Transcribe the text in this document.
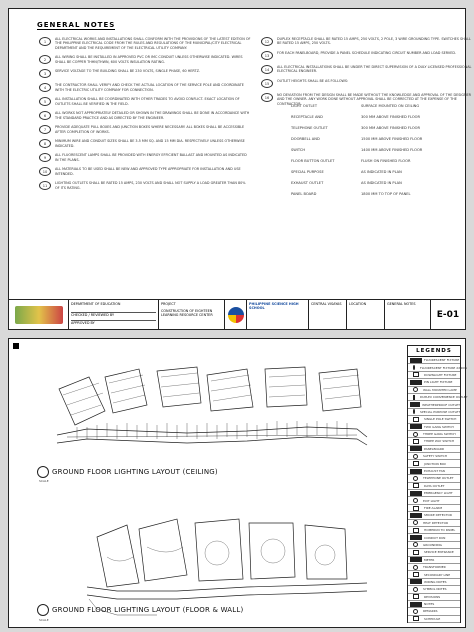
GENERAL NOTES
1
ALL ELECTRICAL WORKS AND INSTALLATIONS SHALL CONFORM WITH THE PROVISIONS OF THE LATEST EDITION OF THE PHILIPPINE ELECTRICAL CODE FROM THE RULES AND REGULATIONS OF THE MUNICIPAL/CITY ELECTRICAL DEPARTMENT AND THE REQUIREMENT OF THE ELECTRICAL UTILITY COMPANY.
2
ALL WIRING SHALL BE INSTALLED IN APPROVED PVC OR IMC CONDUIT UNLESS OTHERWISE INDICATED. WIRES SHALL BE COPPER THHN/THWN, 600 VOLTS INSULATION RATING.
3
SERVICE VOLTAGE TO THE BUILDING SHALL BE 230 VOLTS, SINGLE PHASE, 60 HERTZ.
4
THE CONTRACTOR SHALL VERIFY AND CHECK THE ACTUAL LOCATION OF THE SERVICE POLE AND COORDINATE WITH THE ELECTRIC UTILITY COMPANY FOR CONNECTION.
5
ALL INSTALLATION SHALL BE COORDINATED WITH OTHER TRADES TO AVOID CONFLICT. EXACT LOCATION OF OUTLETS SHALL BE VERIFIED IN THE FIELD.
6
ALL WORKS NOT APPROPRIATELY DETAILED OR SHOWN IN THE DRAWINGS SHALL BE DONE IN ACCORDANCE WITH THE STANDARD PRACTICE AND AS DIRECTED BY THE ENGINEER.
7
PROVIDE ADEQUATE PULL BOXES AND JUNCTION BOXES WHERE NECESSARY. ALL BOXES SHALL BE ACCESSIBLE AFTER COMPLETION OF WORKS.
8
MINIMUM WIRE AND CONDUIT SIZES SHALL BE 3.5 MM SQ. AND 15 MM DIA. RESPECTIVELY UNLESS OTHERWISE INDICATED.
9
ALL FLUORESCENT LAMPS SHALL BE PROVIDED WITH ENERGY EFFICIENT BALLAST AND MOUNTED AS INDICATED IN THE PLANS.
10
ALL MATERIALS TO BE USED SHALL BE NEW AND APPROVED TYPE APPROPRIATE FOR INSTALLATION AND USE INTENDED.
11
LIGHTING OUTLETS SHALL BE RATED 15 AMPS, 230 VOLTS AND SHALL NOT SUPPLY A LOAD GREATER THAN 80% OF ITS RATING.
12
DUPLEX RECEPTACLE SHALL BE RATED 15 AMPS, 250 VOLTS, 2 POLE, 3 WIRE GROUNDING TYPE. SWITCHES SHALL BE RATED 15 AMPS, 250 VOLTS.
13
FOR EACH PANELBOARD, PROVIDE A PANEL SCHEDULE INDICATING CIRCUIT NUMBER AND LOAD SERVED.
14
ALL ELECTRICAL INSTALLATIONS SHALL BE UNDER THE DIRECT SUPERVISION OF A DULY LICENSED PROFESSIONAL ELECTRICAL ENGINEER.
15
OUTLET HEIGHTS SHALL BE AS FOLLOWS:
16
NO DEVIATION FROM THE DESIGN SHALL BE MADE WITHOUT THE KNOWLEDGE AND APPROVAL OF THE DESIGNER AND THE OWNER. ANY WORK DONE WITHOUT APPROVAL SHALL BE CORRECTED AT THE EXPENSE OF THE CONTRACTOR.
LIGHT OUTLET	SURFACE MOUNTED ON CEILING
RECEPTACLE AND	300 MM ABOVE FINISHED FLOOR
TELEPHONE OUTLET	300 MM ABOVE FINISHED FLOOR
DOORBELL AND	1500 MM ABOVE FINISHED FLOOR
SWITCH	1400 MM ABOVE FINISHED FLOOR
FLOOR BUTTON OUTLET	FLUSH ON FINISHED FLOOR
SPECIAL PURPOSE	AS INDICATED IN PLAN
EXHAUST OUTLET	AS INDICATED IN PLAN
PANEL BOARD	1800 MM TO TOP OF PANEL
DEPARTMENT OF EDUCATION
CHECKED / REVIEWED BY
APPROVED BY
PROJECT
CONSTRUCTION OF EIGHTEEN LEARNING RESOURCE CENTER
PHILIPPINE SCIENCE HIGH SCHOOL
CENTRAL VISAYAS	LOCATION	GENERAL NOTES
E-01
GROUND FLOOR LIGHTING LAYOUT (CEILING)
SCALE
GROUND FLOOR LIGHTING LAYOUT (FLOOR & WALL)
SCALE
LEGENDS
FLUORESCENT FIXTURE
FLUORESCENT FIXTURE 2X40W
DOWNLIGHT FIXTURE
PIN LIGHT FIXTURE
WALL MOUNTED LAMP
DUPLEX CONVENIENCE OUTLET
WEATHERPROOF OUTLET
SPECIAL PURPOSE OUTLET
SINGLE POLE SWITCH
TWO GANG SWITCH
THREE GANG SWITCH
THREE WAY SWITCH
PANELBOARD
SAFETY SWITCH
JUNCTION BOX
EXHAUST FAN
TELEPHONE OUTLET
DATA OUTLET
EMERGENCY LIGHT
EXIT LIGHT
FIRE ALARM
SMOKE DETECTOR
HEAT DETECTOR
HOMERUN TO PANEL
CONDUIT RUN
GROUNDING
SERVICE ENTRANCE
METER
TRANSFORMER
SECONDARY LINE
WIRING NOTES
SYMBOL NOTES
REVISIONS
NOTES
REMARKS
SCHEDULE
